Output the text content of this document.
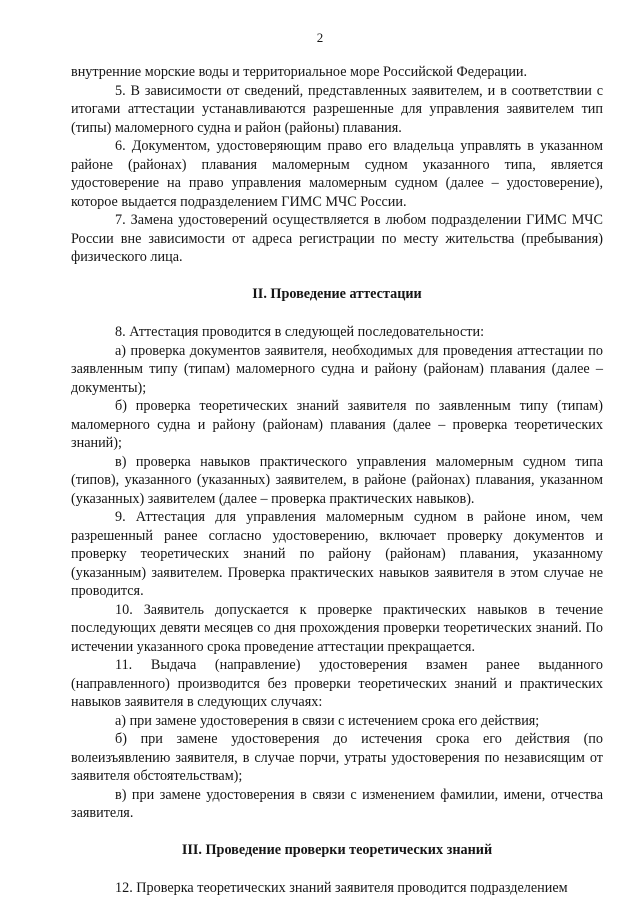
2

внутренние морские воды и территориальное море Российской Федерации.

5. В зависимости от сведений, представленных заявителем, и в соответствии с итогами аттестации устанавливаются разрешенные для управления заявителем тип (типы) маломерного судна и район (районы) плавания.

6. Документом, удостоверяющим право его владельца управлять в указанном районе (районах) плавания маломерным судном указанного типа, является удостоверение на право управления маломерным судном (далее – удостоверение), которое выдается подразделением ГИМС МЧС России.

7. Замена удостоверений осуществляется в любом подразделении ГИМС МЧС России вне зависимости от адреса регистрации по месту жительства (пребывания) физического лица.

II. Проведение аттестации

8. Аттестация проводится в следующей последовательности:

а) проверка документов заявителя, необходимых для проведения аттестации по заявленным типу (типам) маломерного судна и району (районам) плавания (далее – документы);

б) проверка теоретических знаний заявителя по заявленным типу (типам) маломерного судна и району (районам) плавания (далее – проверка теоретических знаний);

в) проверка навыков практического управления маломерным судном типа (типов), указанного (указанных) заявителем, в районе (районах) плавания, указанном (указанных) заявителем (далее – проверка практических навыков).

9. Аттестация для управления маломерным судном в районе ином, чем разрешенный ранее согласно удостоверению, включает проверку документов и проверку теоретических знаний по району (районам) плавания, указанному (указанным) заявителем. Проверка практических навыков заявителя в этом случае не проводится.

10. Заявитель допускается к проверке практических навыков в течение последующих девяти месяцев со дня прохождения проверки теоретических знаний. По истечении указанного срока проведение аттестации прекращается.

11. Выдача (направление) удостоверения взамен ранее выданного (направленного) производится без проверки теоретических знаний и практических навыков заявителя в следующих случаях:

а) при замене удостоверения в связи с истечением срока его действия;

б) при замене удостоверения до истечения срока его действия (по волеизъявлению заявителя, в случае порчи, утраты удостоверения по независящим от заявителя обстоятельствам);

в) при замене удостоверения в связи с изменением фамилии, имени, отчества заявителя.

III. Проведение проверки теоретических знаний

12. Проверка теоретических знаний заявителя проводится подразделением
